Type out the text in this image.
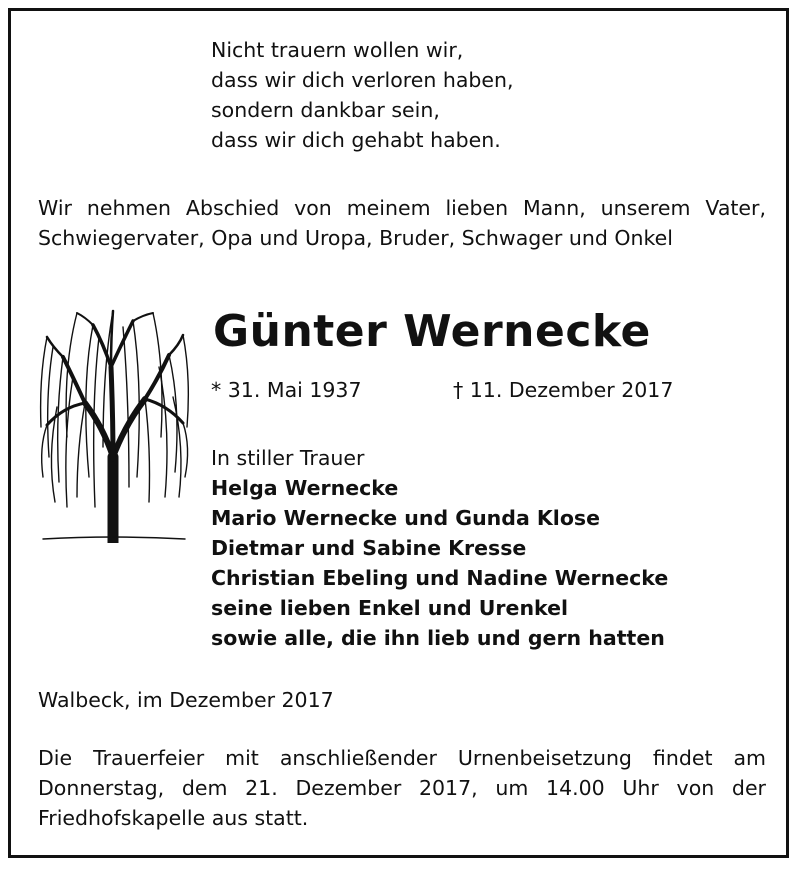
Nicht trauern wollen wir,

dass wir dich verloren haben,

sondern dankbar sein,

dass wir dich gehabt haben.

Wir nehmen Abschied von meinem lieben Mann, unserem Vater, Schwiegervater, Opa und Uropa, Bruder, Schwager und Onkel

Günter Wernecke
* 31. Mai 1937	† 11. Dezember 2017
In stiller Trauer

Helga Wernecke

Mario Wernecke und Gunda Klose

Dietmar und Sabine Kresse

Christian Ebeling und Nadine Wernecke

seine lieben Enkel und Urenkel

sowie alle, die ihn lieb und gern hatten

Walbeck, im Dezember 2017

Die Trauerfeier mit anschließender Urnenbeisetzung findet am Donnerstag, dem 21. Dezember 2017, um 14.00 Uhr von der Friedhofskapelle aus statt.
